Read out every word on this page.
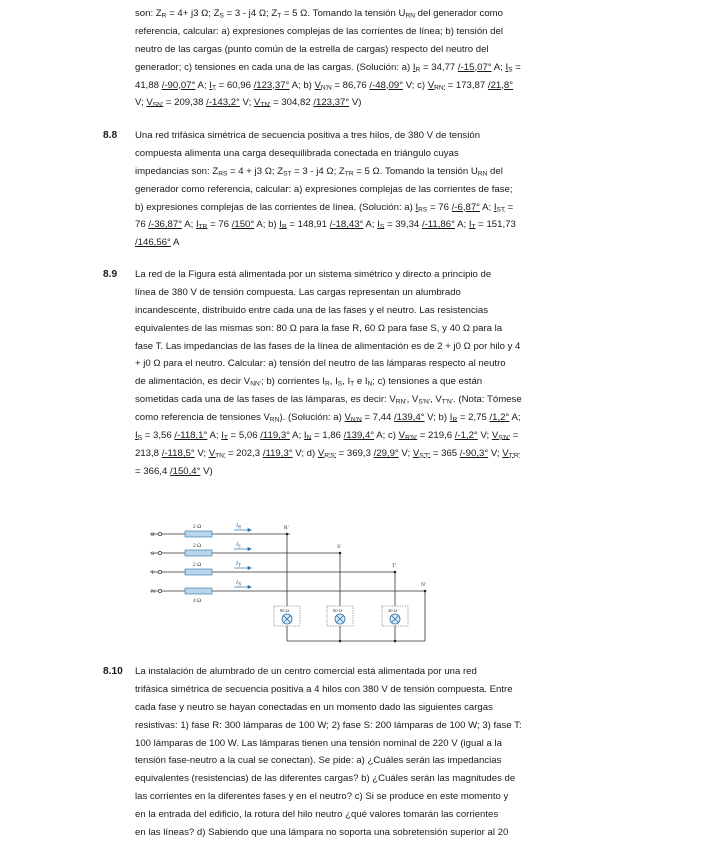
son: $Z_R = 4+ j3$ Ω; $Z_S = 3 - j4$ Ω; $Z_T = 5$ Ω. Tomando la tensión $U_{RN}$ del generador como
referencia, calcular: a) expresiones complejas de las corrientes de línea; b) tensión del
neutro de las cargas (punto común de la estrella de cargas) respecto del neutro del
generador; c) tensiones en cada una de las cargas. (Solución: a) $I_R = 34,77$ /-15,07° A; $I_S$ =
41,88 /-90,07° A; $I_T = 60,96$ /123,37° A; b) $V_{N'N} = 86,76$ /-48,09° V; c) $V_{RN'} = 173,87$ /21,8°
V; $V_{SN'} = 209,38$ /-143,2° V; $V_{TN'} = 304,82$ /123,37° V)
8.8 Una red trifásica simétrica de secuencia positiva a tres hilos, de 380 V de tensión
compuesta alimenta una carga desequilibrada conectada en triángulo cuyas
impedancias son: $Z_{RS} = 4 + j3$ Ω; $Z_{ST} = 3 - j4$ Ω; $Z_{TR} = 5$ Ω. Tomando la tensión $U_{RN}$ del
generador como referencia, calcular: a) expresiones complejas de las corrientes de fase;
b) expresiones complejas de las corrientes de línea. (Solución: a) $I_{RS} = 76$ /-6,87° A; $I_{ST}$ =
76 /-36,87° A; $I_{TR} = 76$ /150° A; b) $I_R = 148,91$ /-18,43° A; $I_S = 39,34$ /-11,86° A; $I_T = 151,73$
/146,56° A
8.9 La red de la Figura está alimentada por un sistema simétrico y directo a principio de
línea de 380 V de tensión compuesta. Las cargas representan un alumbrado
incandescente, distribuido entre cada una de las fases y el neutro. Las resistencias
equivalentes de las mismas son: 80 Ω para la fase R, 60 Ω para fase S, y 40 Ω para la
fase T. Las impedancias de las fases de la línea de alimentación es de 2 + j0 Ω por hilo y 4
+ j0 Ω para el neutro. Calcular: a) tensión del neutro de las lámparas respecto al neutro
de alimentación, es decir $V_{NN'}$; b) corrientes $I_R$, $I_S$, $I_T$ e $I_N$; c) tensiones a que están
sometidas cada una de las fases de las lámparas, es decir: $V_{RN'}$, $V_{S'N'}$, $V_{T'N'}$. (Nota: Tómese
como referencia de tensiones $V_{RN}$). (Solución: a) $V_{N'N} = 7,44$ /139,4° V; b) $I_R = 2,75$ /1,2° A;
$I_S = 3,56$ /-118,1° A; $I_T = 5,06$ /119,3° A; $I_N = 1,86$ /139,4° A; c) $V_{R'N'} = 219,6$ /-1,2° V; $V_{S'N'}$ =
213,8 /-118,5° V; $V_{TN'} = 202,3$ /119,3° V; d) $V_{R'S'} = 369,3$ /29,9° V; $V_{S'T'} = 365$ /-90,3° V; $V_{T'R'}$
= 366,4 /150,4° V)
R
S
T
N
2 Ω
2 Ω
2 Ω
4 Ω
R'
S'
T'
N'
80 Ω	60 Ω	40 Ω
$I_R$
$I_S$
$I_T$
$I_N$
8.10 La instalación de alumbrado de un centro comercial está alimentada por una red
trifásica simétrica de secuencia positiva a 4 hilos con 380 V de tensión compuesta. Entre
cada fase y neutro se hayan conectadas en un momento dado las siguientes cargas
resistivas: 1) fase R: 300 lámparas de 100 W; 2) fase S: 200 lámparas de 100 W; 3) fase T:
100 lámparas de 100 W. Las lámparas tienen una tensión nominal de 220 V (igual a la
tensión fase-neutro a la cual se conectan). Se pide: a) ¿Cuáles serán las impedancias
equivalentes (resistencias) de las diferentes cargas? b) ¿Cuáles serán las magnitudes de
las corrientes en la diferentes fases y en el neutro? c) Si se produce en este momento y
en la entrada del edificio, la rotura del hilo neutro ¿qué valores tomarán las corrientes
en las líneas? d) Sabiendo que una lámpara no soporta una sobretensión superior al 20
